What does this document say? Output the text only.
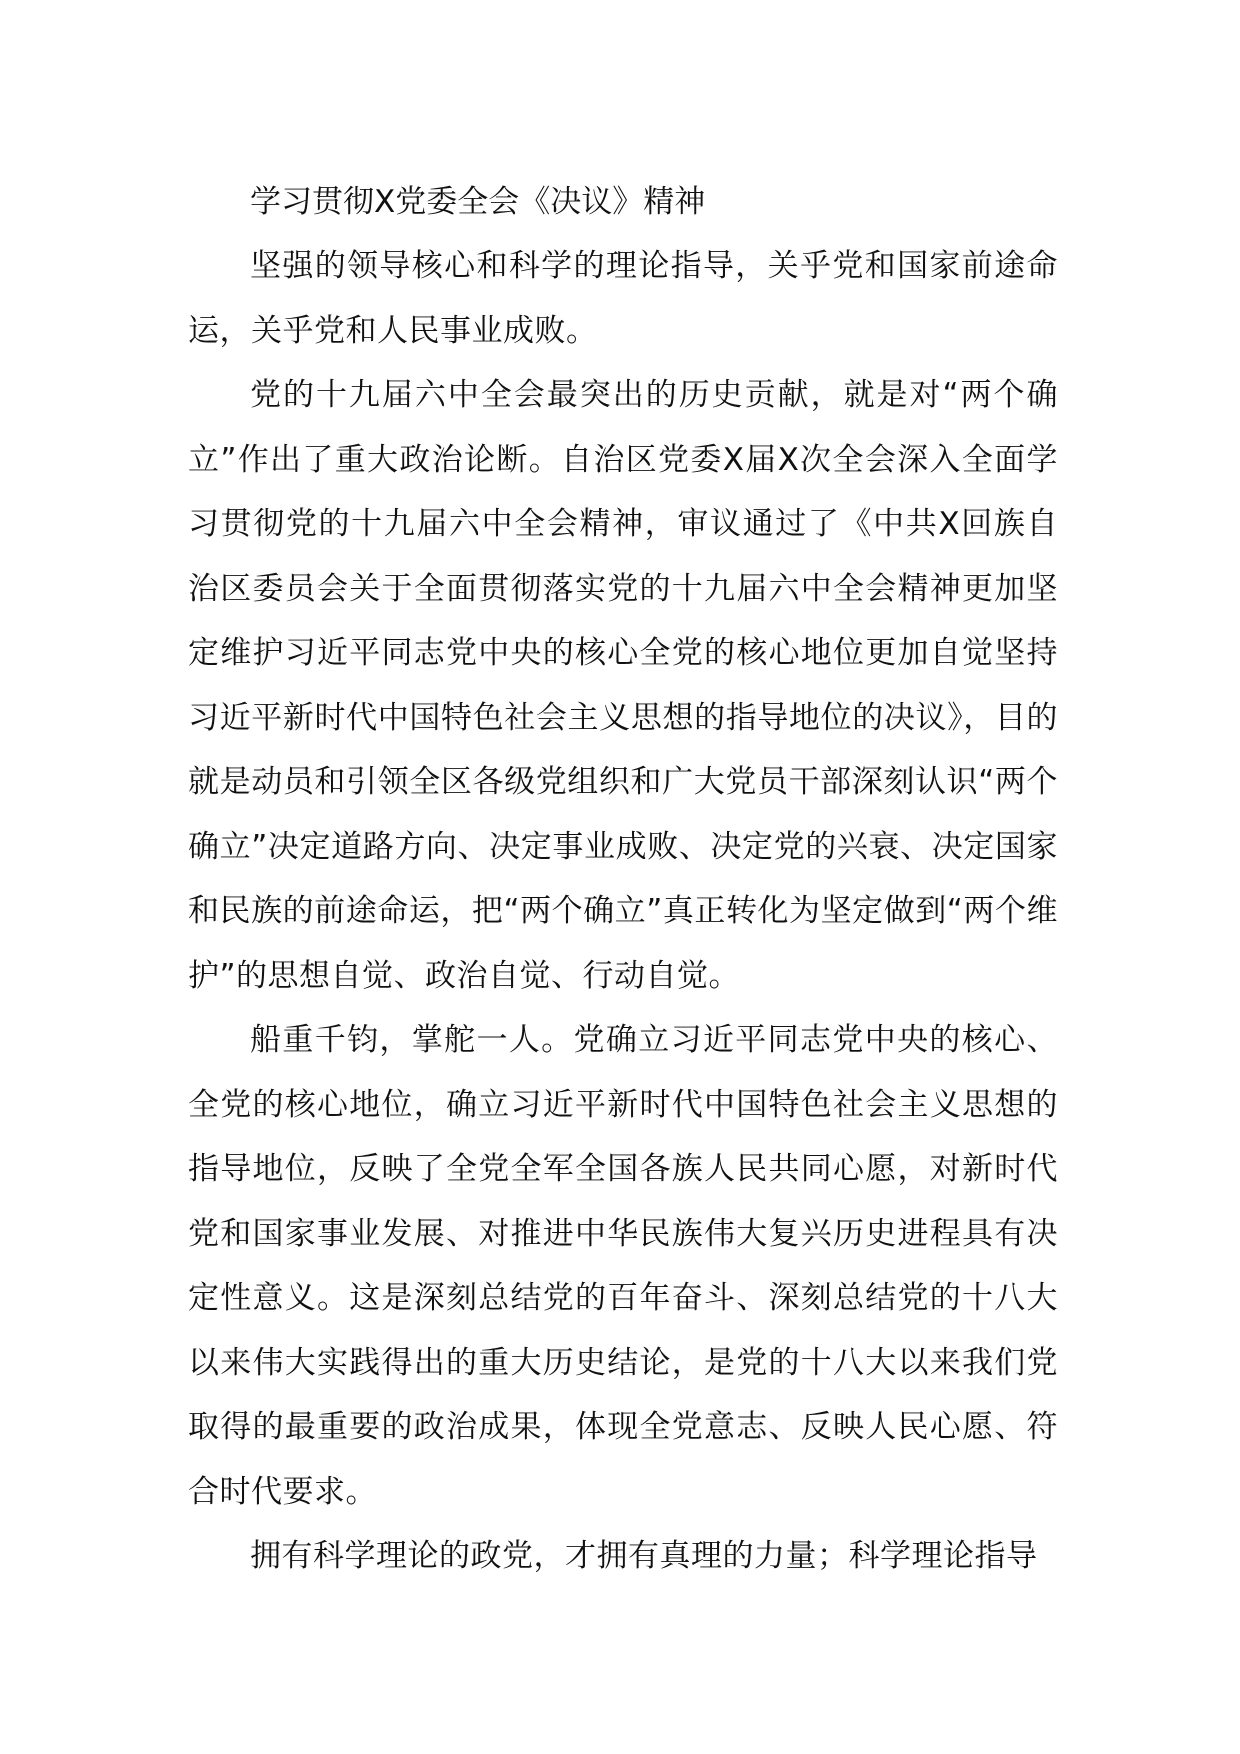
学习贯彻X党委全会《决议》精神

坚强的领导核心和科学的理论指导，关乎党和国家前途命运，关乎党和人民事业成败。

党的十九届六中全会最突出的历史贡献，就是对“两个确立”作出了重大政治论断。自治区党委X届X次全会深入全面学习贯彻党的十九届六中全会精神，审议通过了《中共X回族自治区委员会关于全面贯彻落实党的十九届六中全会精神更加坚定维护习近平同志党中央的核心全党的核心地位更加自觉坚持习近平新时代中国特色社会主义思想的指导地位的决议》，目的就是动员和引领全区各级党组织和广大党员干部深刻认识“两个确立”决定道路方向、决定事业成败、决定党的兴衰、决定国家和民族的前途命运，把“两个确立”真正转化为坚定做到“两个维护”的思想自觉、政治自觉、行动自觉。

船重千钧，掌舵一人。党确立习近平同志党中央的核心、全党的核心地位，确立习近平新时代中国特色社会主义思想的指导地位，反映了全党全军全国各族人民共同心愿，对新时代党和国家事业发展、对推进中华民族伟大复兴历史进程具有决定性意义。这是深刻总结党的百年奋斗、深刻总结党的十八大以来伟大实践得出的重大历史结论，是党的十八大以来我们党取得的最重要的政治成果，体现全党意志、反映人民心愿、符合时代要求。

拥有科学理论的政党，才拥有真理的力量；科学理论指导
